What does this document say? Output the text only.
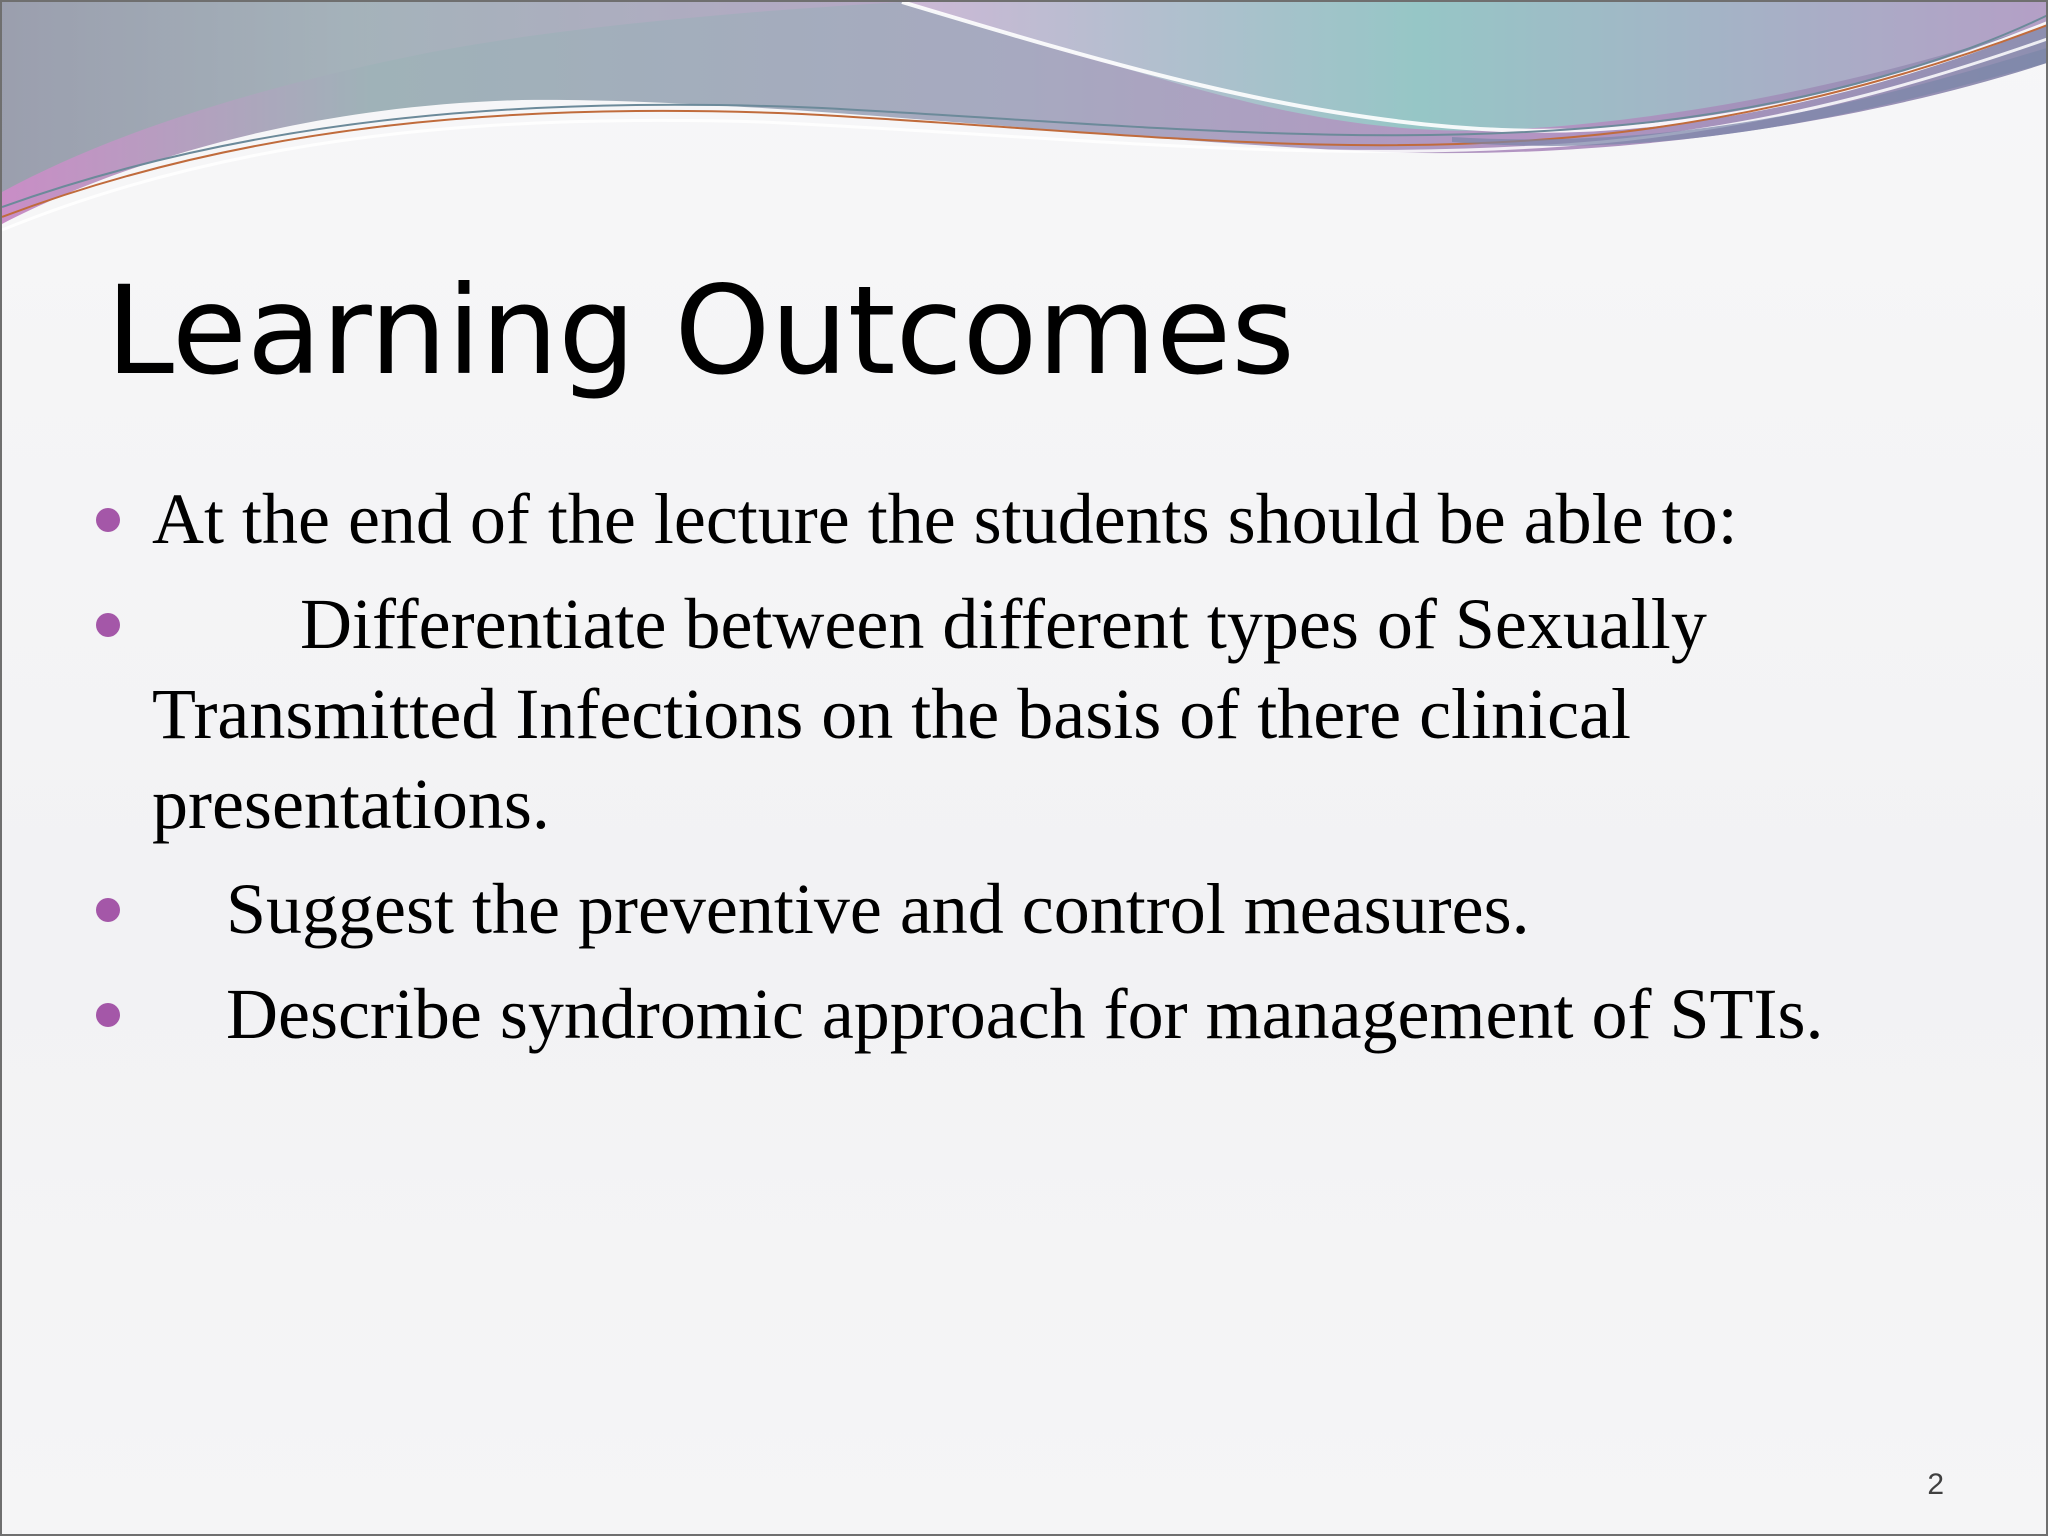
Learning Outcomes
At the end of the lecture the students should be able to:
Differentiate between different types of Sexually Transmitted Infections on the basis of there clinical presentations.
Suggest the preventive and control measures.
Describe syndromic approach for management of STIs.
2
